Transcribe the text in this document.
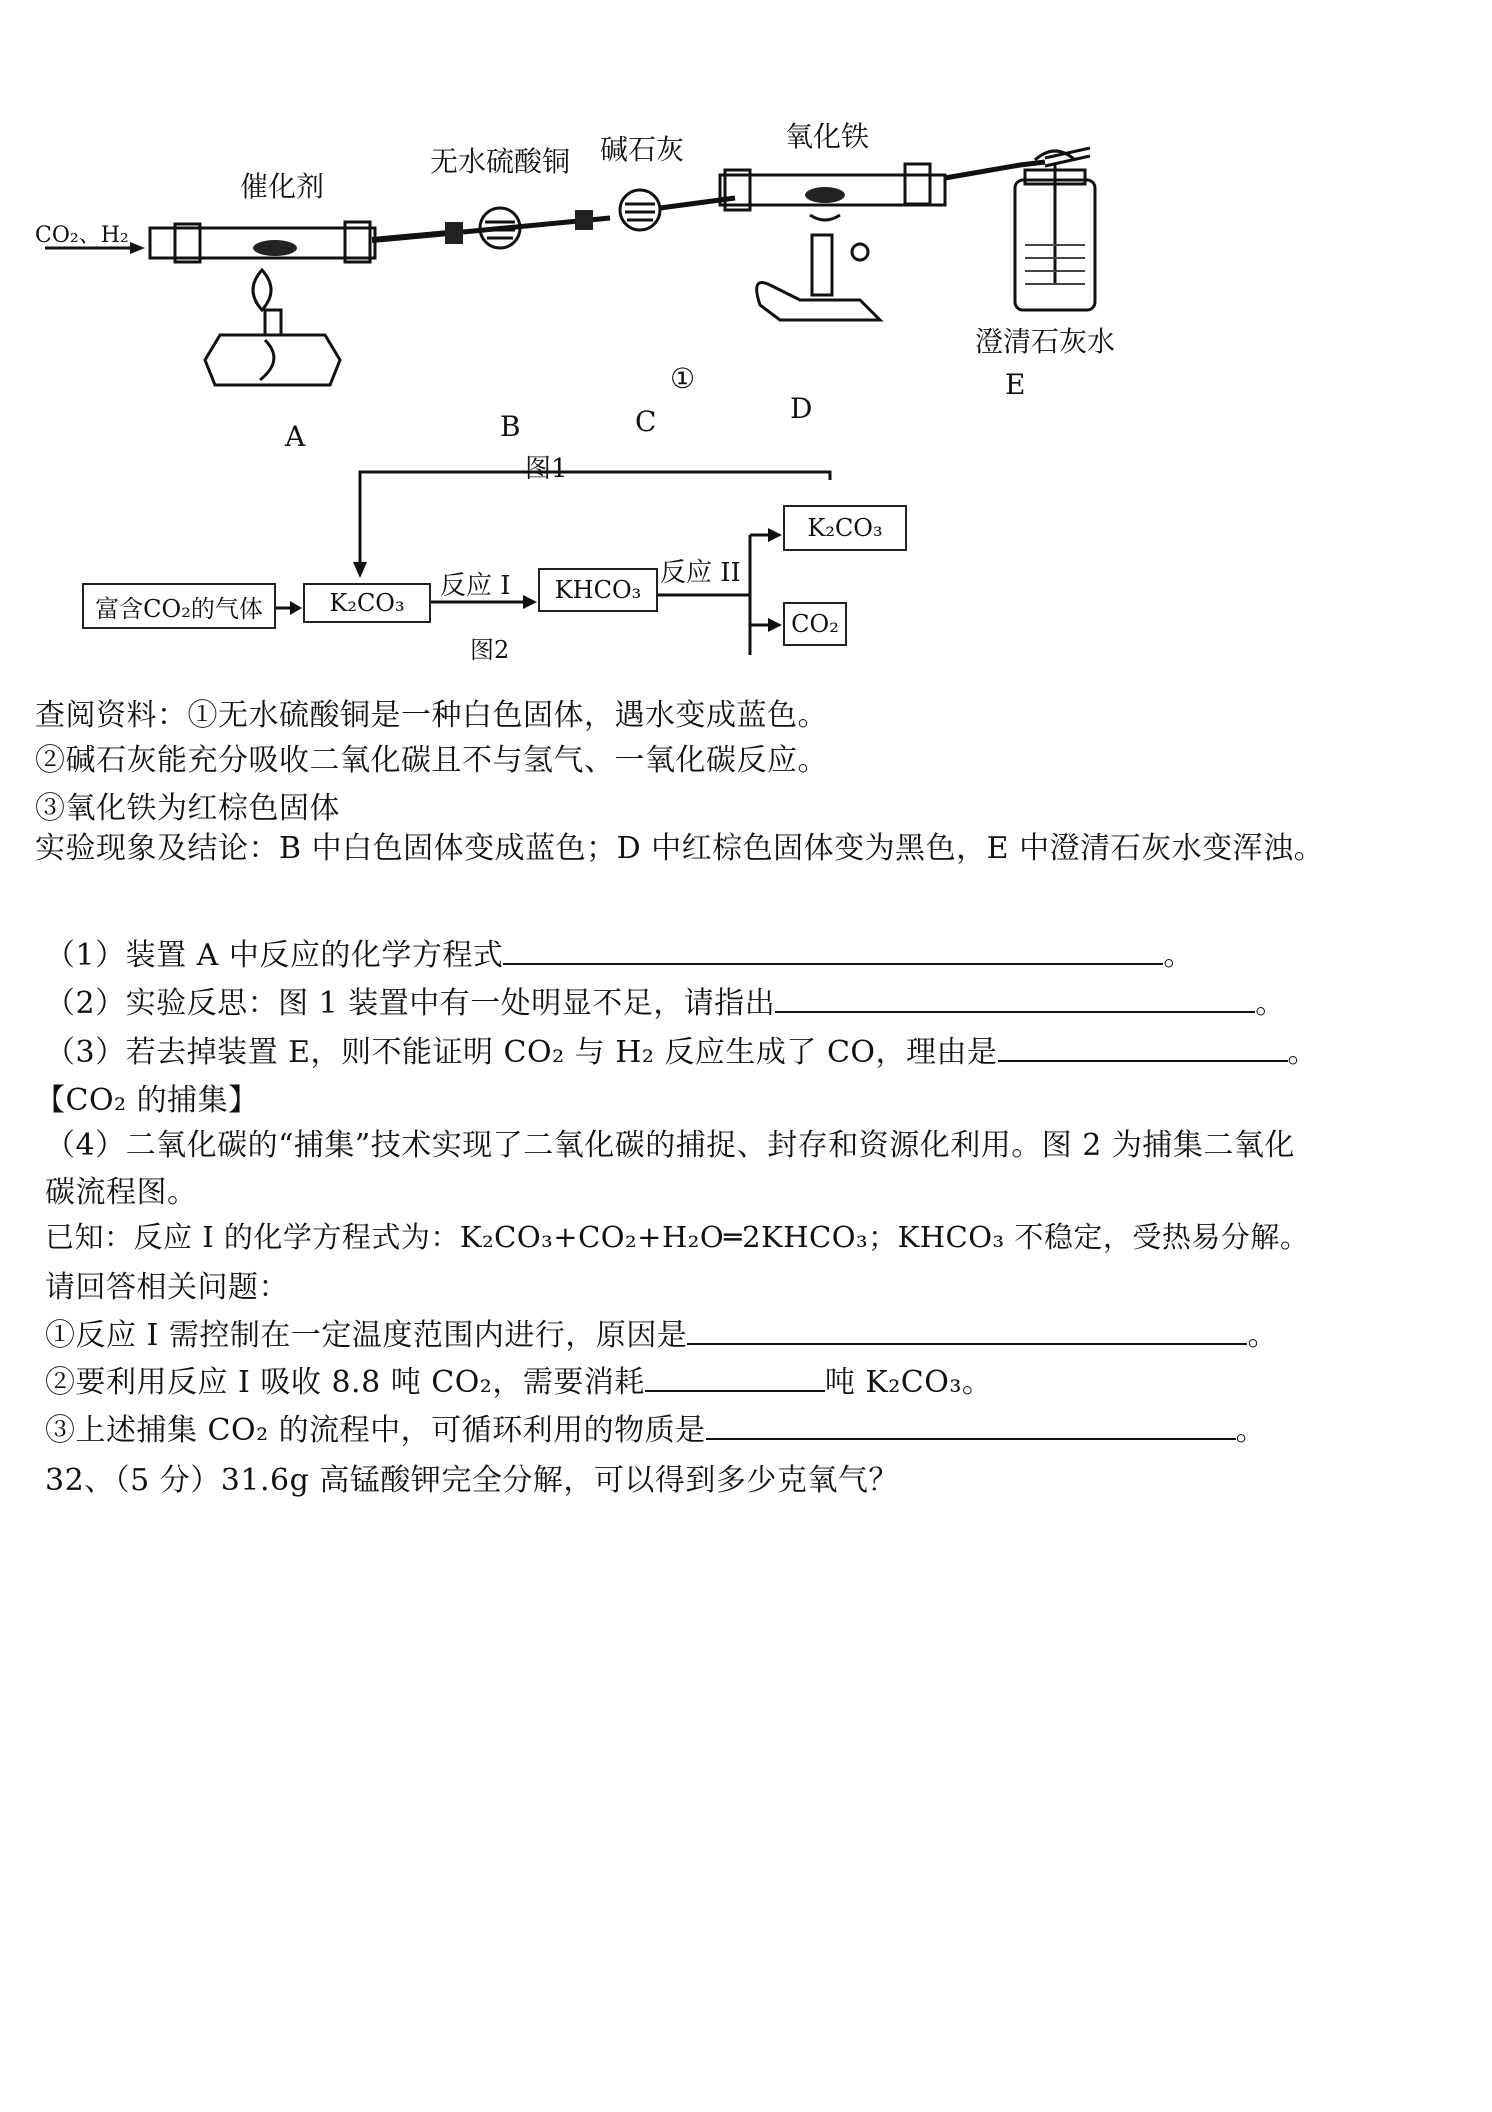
CO₂、H₂
催化剂
无水硫酸铜 碱石灰	氧化铁
澄清石灰水
①
A	B	C	D
E
图1
富含CO₂的气体	K₂CO₃
反应 I	KHCO₃
反应 II
K₂CO₃
CO₂
图2
查阅资料：①无水硫酸铜是一种白色固体，遇水变成蓝色。
②碱石灰能充分吸收二氧化碳且不与氢气、一氧化碳反应。
③氧化铁为红棕色固体
实验现象及结论：B 中白色固体变成蓝色；D 中红棕色固体变为黑色，E 中澄清石灰水变浑浊。
（1）装置 A 中反应的化学方程式	。
（2）实验反思：图 1 装置中有一处明显不足，请指出	。
（3）若去掉装置 E，则不能证明 CO₂ 与 H₂ 反应生成了 CO，理由是	。
【CO₂ 的捕集】
（4）二氧化碳的“捕集”技术实现了二氧化碳的捕捉、封存和资源化利用。图 2 为捕集二氧化
碳流程图。
已知：反应 I 的化学方程式为：K₂CO₃+CO₂+H₂O═2KHCO₃；KHCO₃ 不稳定，受热易分解。
请回答相关问题：
①反应 I 需控制在一定温度范围内进行，原因是	。
②要利用反应 I 吸收 8.8 吨 CO₂，需要消耗	吨 K₂CO₃。
③上述捕集 CO₂ 的流程中，可循环利用的物质是	。
32、（5 分）31.6g 高锰酸钾完全分解，可以得到多少克氧气？
